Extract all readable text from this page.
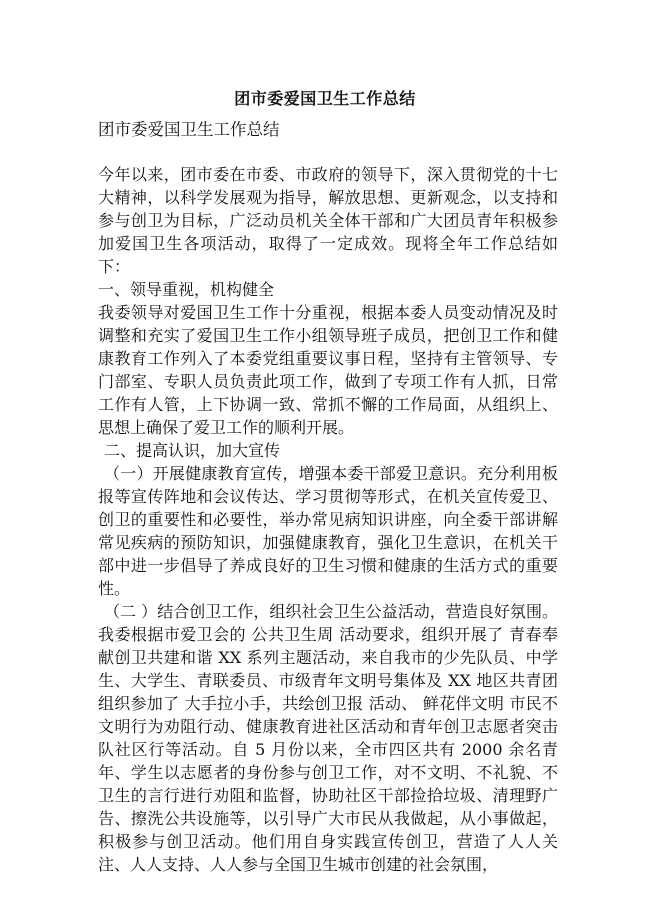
团市委爱国卫生工作总结
团市委爱国卫生工作总结

今年以来，团市委在市委、市政府的领导下，深入贯彻党的十七大精神，以科学发展观为指导，解放思想、更新观念，以支持和参与创卫为目标，广泛动员机关全体干部和广大团员青年积极参加爱国卫生各项活动，取得了一定成效。现将全年工作总结如下：

一、领导重视，机构健全

我委领导对爱国卫生工作十分重视，根据本委人员变动情况及时调整和充实了爱国卫生工作小组领导班子成员，把创卫工作和健康教育工作列入了本委党组重要议事日程，坚持有主管领导、专门部室、专职人员负责此项工作，做到了专项工作有人抓，日常工作有人管，上下协调一致、常抓不懈的工作局面，从组织上、思想上确保了爱卫工作的顺利开展。

二、提高认识，加大宣传

（一）开展健康教育宣传，增强本委干部爱卫意识。充分利用板报等宣传阵地和会议传达、学习贯彻等形式，在机关宣传爱卫、创卫的重要性和必要性，举办常见病知识讲座，向全委干部讲解常见疾病的预防知识，加强健康教育，强化卫生意识，在机关干部中进一步倡导了养成良好的卫生习惯和健康的生活方式的重要性。

（二 ）结合创卫工作，组织社会卫生公益活动，营造良好氛围。我委根据市爱卫会的 公共卫生周 活动要求，组织开展了 青春奉献创卫共建和谐 XX 系列主题活动，来自我市的少先队员、中学生、大学生、青联委员、市级青年文明号集体及 XX 地区共青团组织参加了 大手拉小手，共绘创卫报 活动、 鲜花伴文明 市民不文明行为劝阻行动、健康教育进社区活动和青年创卫志愿者突击队社区行等活动。自 5 月份以来，全市四区共有 2000 余名青年、学生以志愿者的身份参与创卫工作，对不文明、不礼貌、不卫生的言行进行劝阻和监督，协助社区干部捡拾垃圾、清理野广告、擦洗公共设施等，以引导广大市民从我做起，从小事做起，积极参与创卫活动。他们用自身实践宣传创卫，营造了人人关注、人人支持、人人参与全国卫生城市创建的社会氛围，
